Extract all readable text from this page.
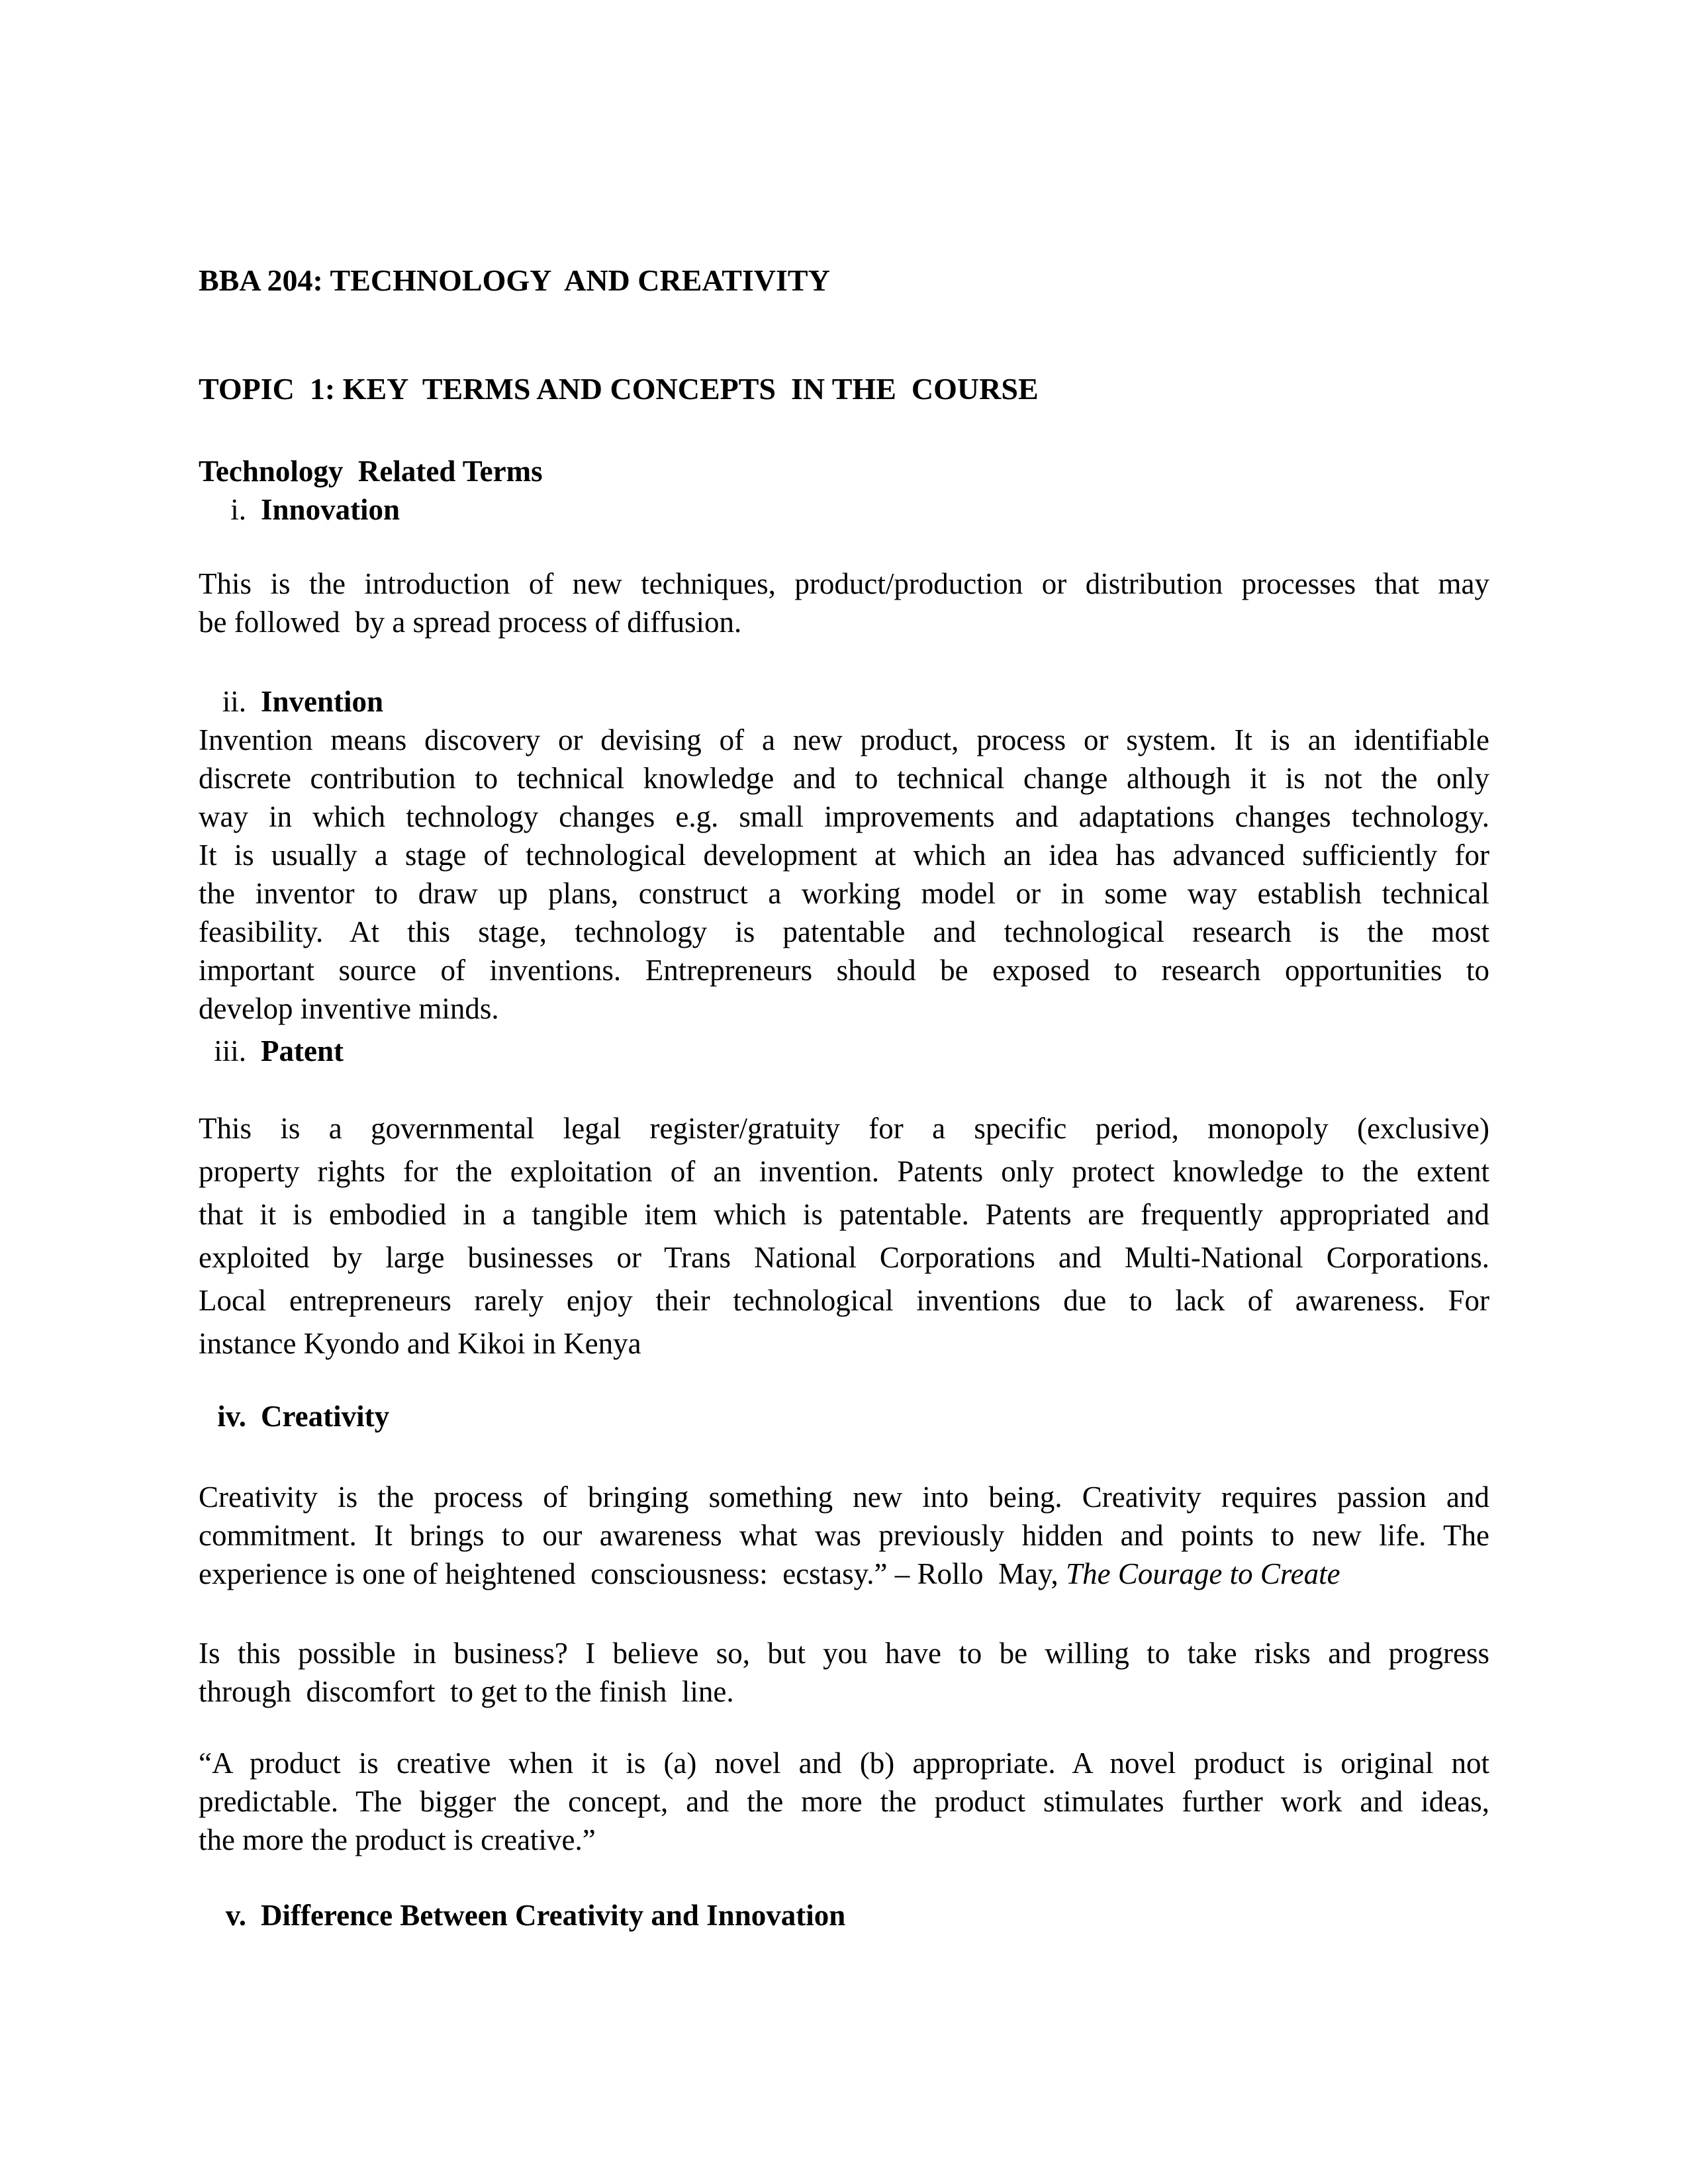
BBA 204: TECHNOLOGY  AND CREATIVITY
TOPIC  1: KEY  TERMS AND CONCEPTS  IN THE  COURSE
Technology  Related Terms
i. Innovation
This is the introduction of new techniques, product/production or distribution processes that may
be followed  by a spread process of diffusion.
ii. Invention
Invention means discovery or devising of a new product, process or system. It is an identifiable
discrete contribution to technical knowledge and to technical change although it is not the only
way in which technology changes e.g. small improvements and adaptations changes technology.
It is usually a stage of technological development at which an idea has advanced sufficiently for
the inventor to draw up plans, construct a working model or in some way establish technical
feasibility. At this stage, technology is patentable and technological research is the most
important source of inventions. Entrepreneurs should be exposed to research opportunities to
develop inventive minds.
iii. Patent
This is a governmental legal register/gratuity for a specific period, monopoly (exclusive)
property rights for the exploitation of an invention. Patents only protect knowledge to the extent
that it is embodied in a tangible item which is patentable. Patents are frequently appropriated and
exploited by large businesses or Trans National Corporations and Multi-National Corporations.
Local entrepreneurs rarely enjoy their technological inventions due to lack of awareness. For
instance Kyondo and Kikoi in Kenya
iv. Creativity
Creativity is the process of bringing something new into being. Creativity requires passion and
commitment. It brings to our awareness what was previously hidden and points to new life. The
experience is one of heightened  consciousness:  ecstasy.” – Rollo  May, The Courage to Create
Is this possible in business? I believe so, but you have to be willing to take risks and progress
through  discomfort  to get to the finish  line.
“A product is creative when it is (a) novel and (b) appropriate. A novel product is original not
predictable. The bigger the concept, and the more the product stimulates further work and ideas,
the more the product is creative.”
v. Difference Between Creativity and Innovation
